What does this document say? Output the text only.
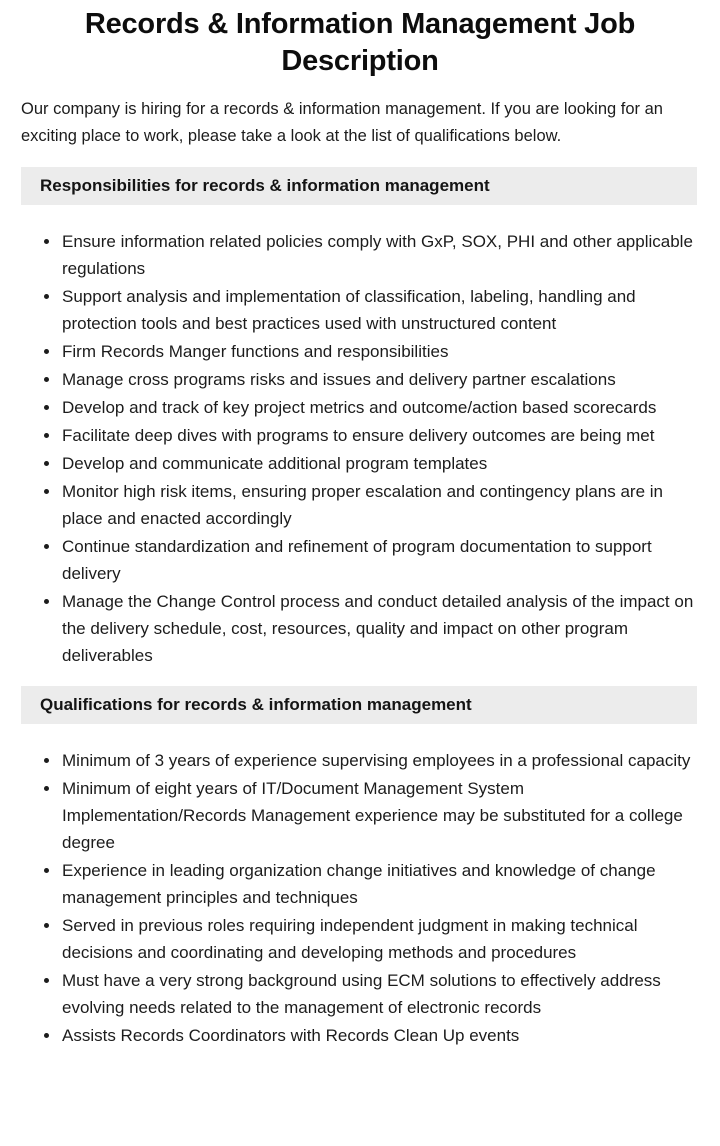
Records & Information Management Job Description

Our company is hiring for a records & information management. If you are looking for an exciting place to work, please take a look at the list of qualifications below.

Responsibilities for records & information management
• Ensure information related policies comply with GxP, SOX, PHI and other applicable regulations
• Support analysis and implementation of classification, labeling, handling and protection tools and best practices used with unstructured content
• Firm Records Manger functions and responsibilities
• Manage cross programs risks and issues and delivery partner escalations
• Develop and track of key project metrics and outcome/action based scorecards
• Facilitate deep dives with programs to ensure delivery outcomes are being met
• Develop and communicate additional program templates
• Monitor high risk items, ensuring proper escalation and contingency plans are in place and enacted accordingly
• Continue standardization and refinement of program documentation to support delivery
• Manage the Change Control process and conduct detailed analysis of the impact on the delivery schedule, cost, resources, quality and impact on other program deliverables
Qualifications for records & information management
• Minimum of 3 years of experience supervising employees in a professional capacity
• Minimum of eight years of IT/Document Management System Implementation/Records Management experience may be substituted for a college degree
• Experience in leading organization change initiatives and knowledge of change management principles and techniques
• Served in previous roles requiring independent judgment in making technical decisions and coordinating and developing methods and procedures
• Must have a very strong background using ECM solutions to effectively address evolving needs related to the management of electronic records
• Assists Records Coordinators with Records Clean Up events
